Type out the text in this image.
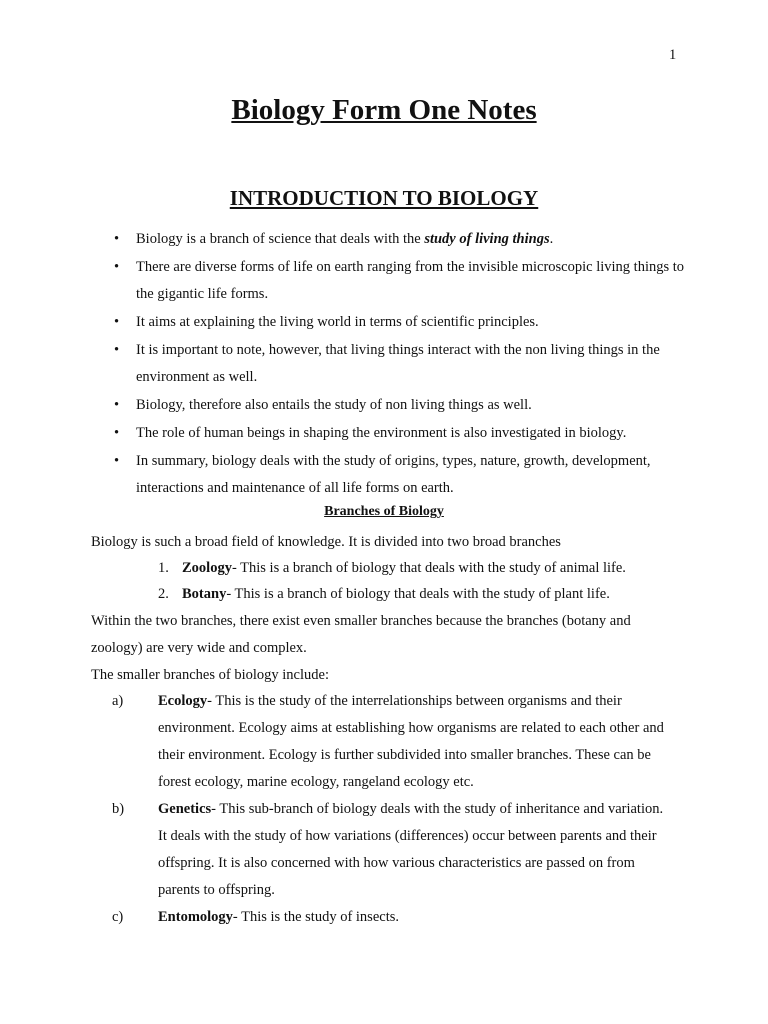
1
Biology Form One Notes
INTRODUCTION TO BIOLOGY
• Biology is a branch of science that deals with the study of living things.
• There are diverse forms of life on earth ranging from the invisible microscopic living things to the gigantic life forms.
• It aims at explaining the living world in terms of scientific principles.
• It is important to note, however, that living things interact with the non living things in the environment as well.
• Biology, therefore also entails the study of non living things as well.
• The role of human beings in shaping the environment is also investigated in biology.
• In summary, biology deals with the study of origins, types, nature, growth, development, interactions and maintenance of all life forms on earth.
Branches of Biology

Biology is such a broad field of knowledge. It is divided into two broad branches

1. Zoology- This is a branch of biology that deals with the study of animal life.
2. Botany- This is a branch of biology that deals with the study of plant life.

Within the two branches, there exist even smaller branches because the branches (botany and zoology) are very wide and complex.

The smaller branches of biology include:

a) Ecology- This is the study of the interrelationships between organisms and their environment. Ecology aims at establishing how organisms are related to each other and their environment. Ecology is further subdivided into smaller branches. These can be forest ecology, marine ecology, rangeland ecology etc.
b) Genetics- This sub-branch of biology deals with the study of inheritance and variation. It deals with the study of how variations (differences) occur between parents and their offspring. It is also concerned with how various characteristics are passed on from parents to offspring.
c) Entomology- This is the study of insects.
